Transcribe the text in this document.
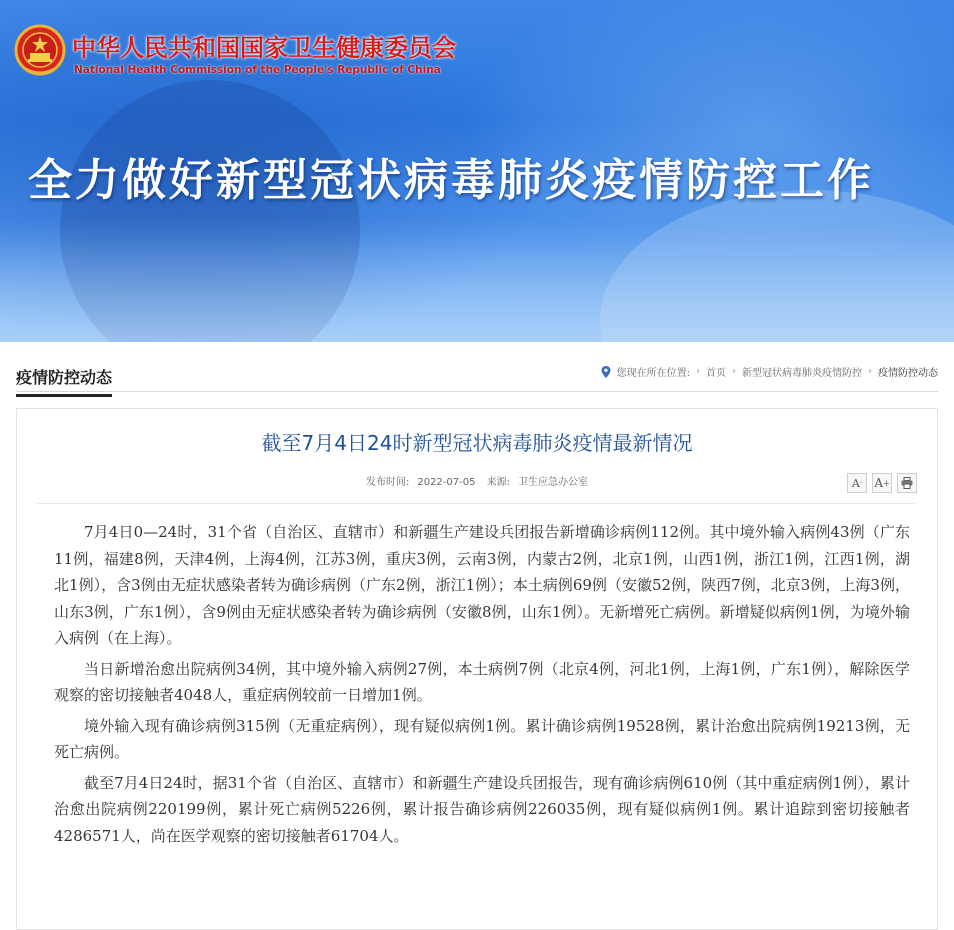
中华人民共和国国家卫生健康委员会
National Health Commission of the People's Republic of China
全力做好新型冠状病毒肺炎疫情防控工作
疫情防控动态	您现在所在位置: › 首页 › 新型冠状病毒肺炎疫情防控 › 疫情防控动态
截至7月4日24时新型冠状病毒肺炎疫情最新情况
发布时间: 2022-07-05 来源: 卫生应急办公室	A - A +

7月4日0—24时，31个省（自治区、直辖市）和新疆生产建设兵团报告新增确诊病例112例。其中境外输入病例43例（广东11例，福建8例，天津4例，上海4例，江苏3例，重庆3例，云南3例，内蒙古2例，北京1例，山西1例，浙江1例，江西1例，湖北1例），含3例由无症状感染者转为确诊病例（广东2例，浙江1例）；本土病例69例（安徽52例，陕西7例，北京3例，上海3例，山东3例，广东1例），含9例由无症状感染者转为确诊病例（安徽8例，山东1例）。无新增死亡病例。新增疑似病例1例，为境外输入病例（在上海）。

当日新增治愈出院病例34例，其中境外输入病例27例，本土病例7例（北京4例，河北1例，上海1例，广东1例），解除医学观察的密切接触者4048人，重症病例较前一日增加1例。

境外输入现有确诊病例315例（无重症病例），现有疑似病例1例。累计确诊病例19528例，累计治愈出院病例19213例，无死亡病例。

截至7月4日24时，据31个省（自治区、直辖市）和新疆生产建设兵团报告，现有确诊病例610例（其中重症病例1例），累计治愈出院病例220199例，累计死亡病例5226例，累计报告确诊病例226035例，现有疑似病例1例。累计追踪到密切接触者4286571人，尚在医学观察的密切接触者61704人。
